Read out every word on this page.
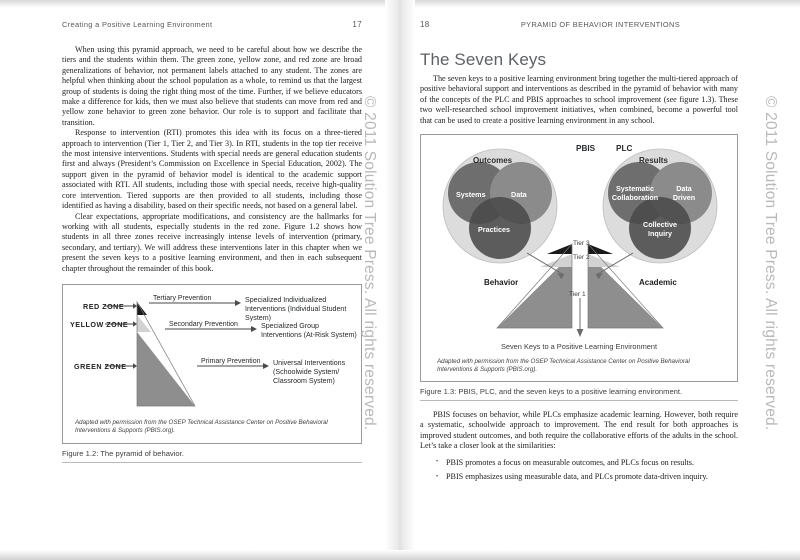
Creating a Positive Learning Environment	17

When using this pyramid approach, we need to be careful about how we describe the tiers and the students within them. The green zone, yellow zone, and red zone are broad generalizations of behavior, not permanent labels attached to any student. The zones are helpful when thinking about the school population as a whole, to remind us that the largest group of students is doing the right thing most of the time. Further, if we believe educators make a difference for kids, then we must also believe that students can move from red and yellow zone behavior to green zone behavior. Our role is to support and facilitate that transition.

Response to intervention (RTI) promotes this idea with its focus on a three-tiered approach to intervention (Tier 1, Tier 2, and Tier 3). In RTI, students in the top tier receive the most intensive interventions. Students with special needs are general education students first and always (President’s Commission on Excellence in Special Education, 2002). The support given in the pyramid of behavior model is identical to the academic support associated with RTI. All students, including those with special needs, receive high-quality core intervention. Tiered supports are then provided to all students, including those identified as having a disability, based on their specific needs, not based on a general label.

Clear expectations, appropriate modifications, and consistency are the hallmarks for working with all students, especially students in the red zone. Figure 1.2 shows how students in all three zones receive increasingly intense levels of intervention (primary, secondary, and tertiary). We will address these interventions later in this chapter when we present the seven keys to a positive learning environment, and then in each subsequent chapter throughout the remainder of this book.

RED ZONE
YELLOW ZONE
GREEN ZONE
Tertiary Prevention
Secondary Prevention
Primary Prevention
Specialized Individualized Interventions (Individual Student System)
Specialized Group Interventions (At-Risk System)
Universal Interventions (Schoolwide System/ Classroom System)
Adapted with permission from the OSEP Technical Assistance Center on Positive Behavioral Interventions & Supports (PBIS.org).
Figure 1.2: The pyramid of behavior.
18	PYRAMID OF BEHAVIOR INTERVENTIONS
The Seven Keys

The seven keys to a positive learning environment bring together the multi-tiered approach of positive behavioral support and interventions as described in the pyramid of behavior with many of the concepts of the PLC and PBIS approaches to school improvement (see figure 1.3). These two well-researched school improvement initiatives, when combined, become a powerful tool that can be used to create a positive learning environment in any school.

PBIS	PLC
Outcomes	Results
Systems	Data
Practices
Systematic Collaboration
Data Driven
Collective Inquiry
Tier 3
Tier 2
Tier 1
Behavior	Academic
Seven Keys to a Positive Learning Environment
Adapted with permission from the OSEP Technical Assistance Center on Positive Behavioral Interventions & Supports (PBIS.org).
Figure 1.3: PBIS, PLC, and the seven keys to a positive learning environment.

PBIS focuses on behavior, while PLCs emphasize academic learning. However, both require a systematic, schoolwide approach to improvement. The end result for both approaches is improved student outcomes, and both require the collaborative efforts of the adults in the school. Let’s take a closer look at the similarities:

• PBIS promotes a focus on measurable outcomes, and PLCs focus on results.
• PBIS emphasizes using measurable data, and PLCs promote data-driven inquiry.
© 2011 Solution Tree Press. All rights reserved.	© 2011 Solution Tree Press. All rights reserved.
